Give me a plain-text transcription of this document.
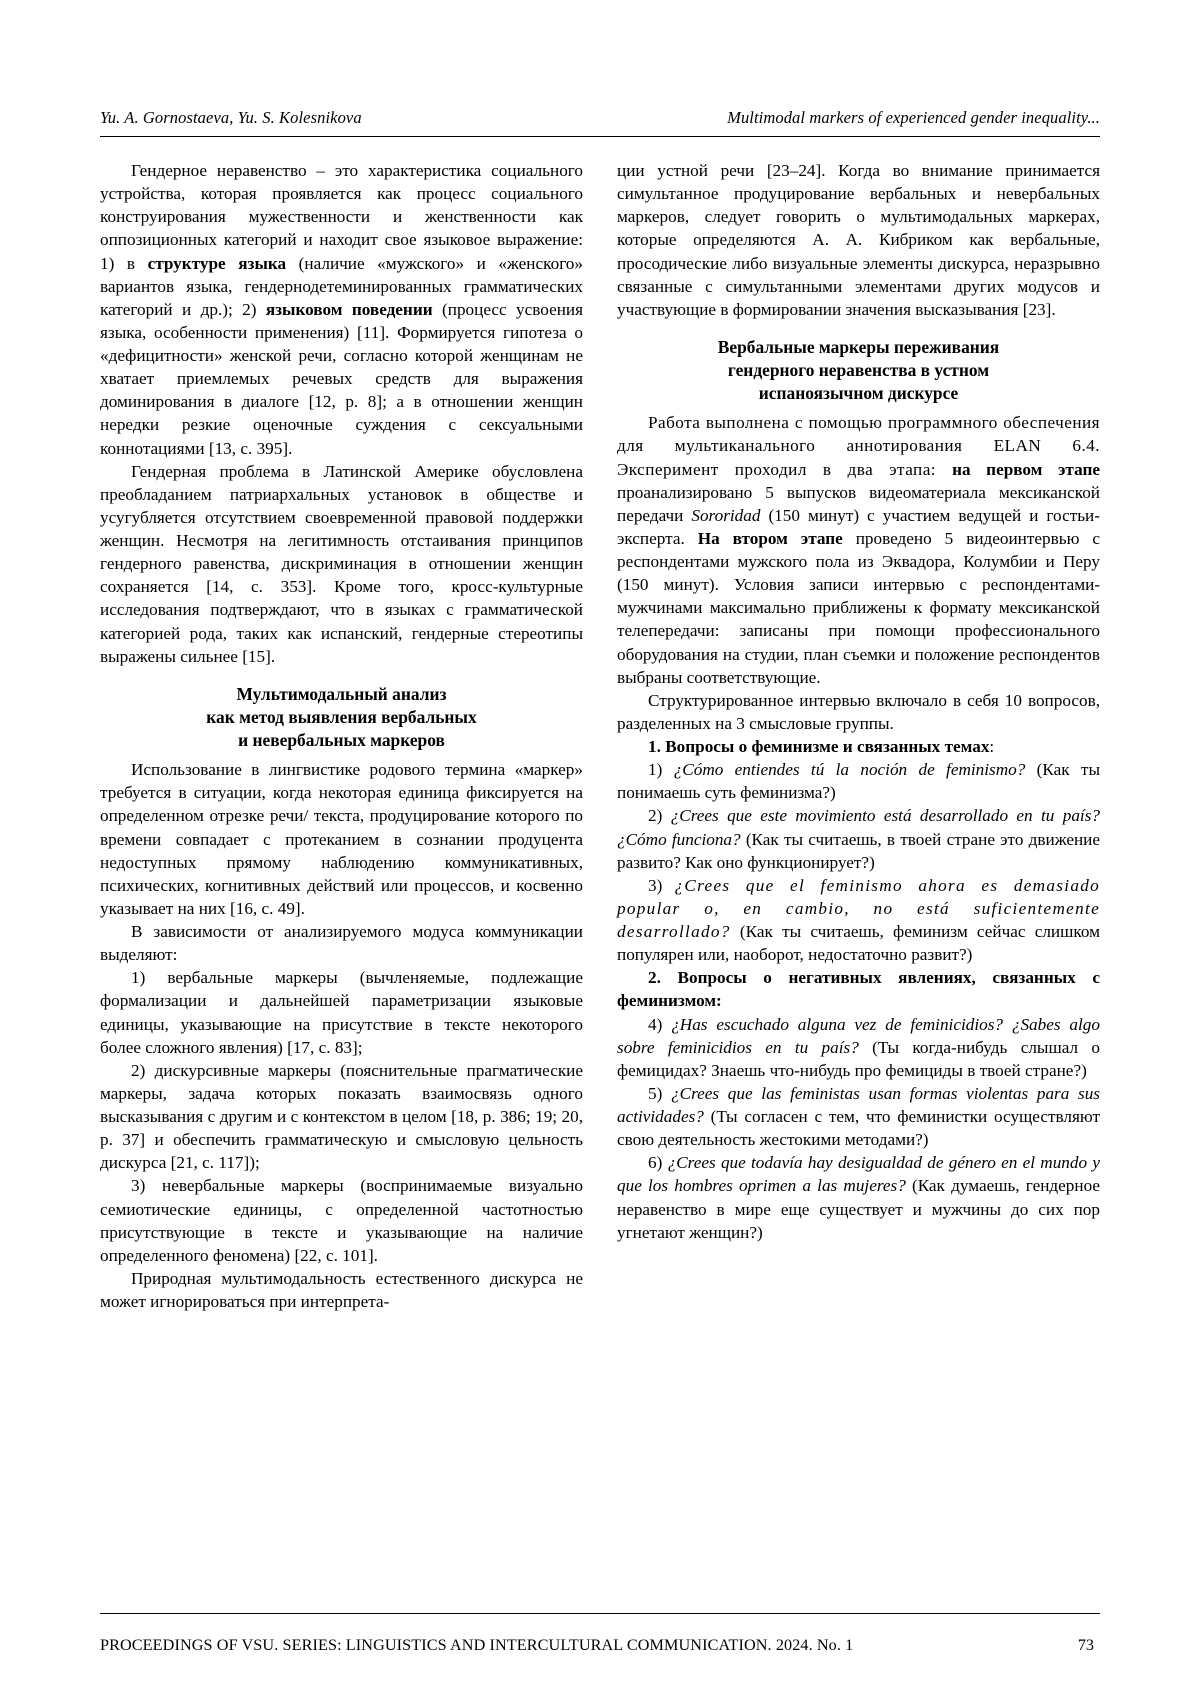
Yu. A. Gornostaeva, Yu. S. Kolesnikova	Multimodal markers of experienced gender inequality...

Гендерное неравенство – это характеристика социального устройства, которая проявляется как процесс социального конструирования мужественности и женственности как оппозиционных категорий и находит свое языковое выражение: 1) в структуре языка (наличие «мужского» и «женского» вариантов языка, гендернодетеминированных грамматических категорий и др.); 2) языковом поведении (процесс усвоения языка, особенности применения) [11]. Формируется гипотеза о «дефицитности» женской речи, согласно которой женщинам не хватает приемлемых речевых средств для выражения доминирования в диалоге [12, p. 8]; а в отношении женщин нередки резкие оценочные суждения с сексуальными коннотациями [13, с. 395].

Гендерная проблема в Латинской Америке обусловлена преобладанием патриархальных установок в обществе и усугубляется отсутствием своевременной правовой поддержки женщин. Несмотря на легитимность отстаивания принципов гендерного равенства, дискриминация в отношении женщин сохраняется [14, с. 353]. Кроме того, кросс-культурные исследования подтверждают, что в языках с грамматической категорией рода, таких как испанский, гендерные стереотипы выражены сильнее [15].

Мультимодальный анализ
как метод выявления вербальных
и невербальных маркеров

Использование в лингвистике родового термина «маркер» требуется в ситуации, когда некоторая единица фиксируется на определенном отрезке речи/ текста, продуцирование которого по времени совпадает с протеканием в сознании продуцента недоступных прямому наблюдению коммуникативных, психических, когнитивных действий или процессов, и косвенно указывает на них [16, с. 49].

В зависимости от анализируемого модуса коммуникации выделяют:

1) вербальные маркеры (вычленяемые, подлежащие формализации и дальнейшей параметризации языковые единицы, указывающие на присутствие в тексте некоторого более сложного явления) [17, с. 83];

2) дискурсивные маркеры (пояснительные прагматические маркеры, задача которых показать взаимосвязь одного высказывания с другим и с контекстом в целом [18, p. 386; 19; 20, p. 37] и обеспечить грамматическую и смысловую цельность дискурса [21, с. 117]);

3) невербальные маркеры (воспринимаемые визуально семиотические единицы, с определенной частотностью присутствующие в тексте и указывающие на наличие определенного феномена) [22, с. 101].

Природная мультимодальность естественного дискурса не может игнорироваться при интерпрета-

ции устной речи [23–24]. Когда во внимание принимается симультанное продуцирование вербальных и невербальных маркеров, следует говорить о мультимодальных маркерах, которые определяются А. А. Кибриком как вербальные, просодические либо визуальные элементы дискурса, неразрывно связанные с симультанными элементами других модусов и участвующие в формировании значения высказывания [23].

Вербальные маркеры переживания
гендерного неравенства в устном
испаноязычном дискурсе

Работа выполнена с помощью программного обеспечения для мультиканального аннотирования ELAN 6.4. Эксперимент проходил в два этапа: на первом этапе проанализировано 5 выпусков видеоматериала мексиканской передачи Sororidad (150 минут) с участием ведущей и гостьи-эксперта. На втором этапе проведено 5 видеоинтервью с респондентами мужского пола из Эквадора, Колумбии и Перу (150 минут). Условия записи интервью с респондентами-мужчинами максимально приближены к формату мексиканской телепередачи: записаны при помощи профессионального оборудования на студии, план съемки и положение респондентов выбраны соответствующие.

Структурированное интервью включало в себя 10 вопросов, разделенных на 3 смысловые группы.

1. Вопросы о феминизме и связанных темах:

1) ¿Cómo entiendes tú la noción de feminismo? (Как ты понимаешь суть феминизма?)

2) ¿Crees que este movimiento está desarrollado en tu país? ¿Cómo funciona? (Как ты считаешь, в твоей стране это движение развито? Как оно функционирует?)

3) ¿Crees que el feminismo ahora es demasiado popular o, en cambio, no está suficientemente desarrollado? (Как ты считаешь, феминизм сейчас слишком популярен или, наоборот, недостаточно развит?)

2. Вопросы о негативных явлениях, связанных с феминизмом:

4) ¿Has escuchado alguna vez de feminicidios? ¿Sabes algo sobre feminicidios en tu país? (Ты когда-нибудь слышал о фемицидах? Знаешь что-нибудь про фемициды в твоей стране?)

5) ¿Crees que las feministas usan formas violentas para sus actividades? (Ты согласен с тем, что феминистки осуществляют свою деятельность жестокими методами?)

6) ¿Crees que todavía hay desigualdad de género en el mundo y que los hombres oprimen a las mujeres? (Как думаешь, гендерное неравенство в мире еще существует и мужчины до сих пор угнетают женщин?)

PROCEEDINGS OF VSU. SERIES: LINGUISTICS AND INTERCULTURAL COMMUNICATION. 2024. No. 1	73
